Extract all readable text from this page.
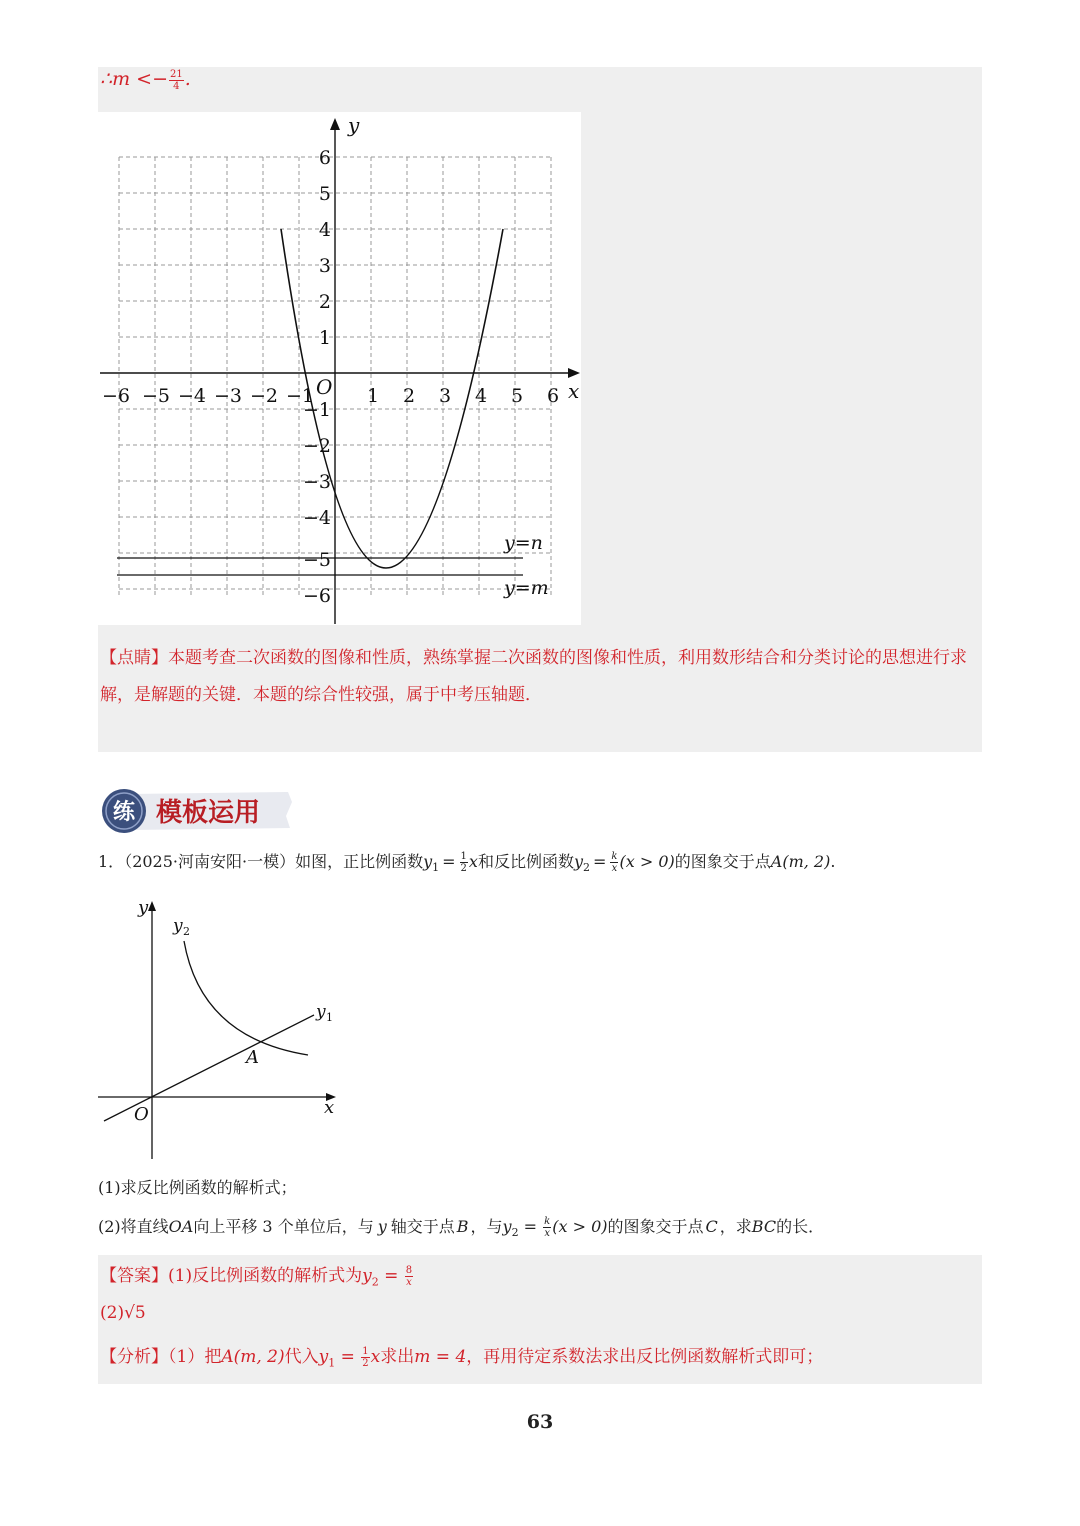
∴m <− $\frac{21}{4}$ .
−6 −5 −4 −3 −2 −1	1 2 3 4 5 6
6
5
4
3
2
1
−1
−2
−3
−4
−5
−6
O	x
y
y=n
y=m
【点睛】本题考查二次函数的图像和性质，熟练掌握二次函数的图像和性质，利用数形结合和分类讨论的思想进行求解，是解题的关键．本题的综合性较强，属于中考压轴题．
练 模板运用
1．（2025·河南安阳·一模）如图，正比例函数$y_1 = \frac{1}{2}$ x和反比例函数$y_2 = \frac{k}{x} (x > 0)$的图象交于点A(m, 2).
O	x
y
y 2
y 1
A
(1)求反比例函数的解析式；
(2)将直线OA向上平移 3 个单位后，与 y 轴交于点 B ，与$y_2 = \frac{k}{x} (x > 0)$的图象交于点 C ，求BC的长．
【答案】(1)反比例函数的解析式为$y_2 = \frac{8}{x}$
(2)√5
【分析】（1）把A(m, 2)代入$y_1 = \frac{1}{2}$ x求出m = 4，再用待定系数法求出反比例函数解析式即可；
63
